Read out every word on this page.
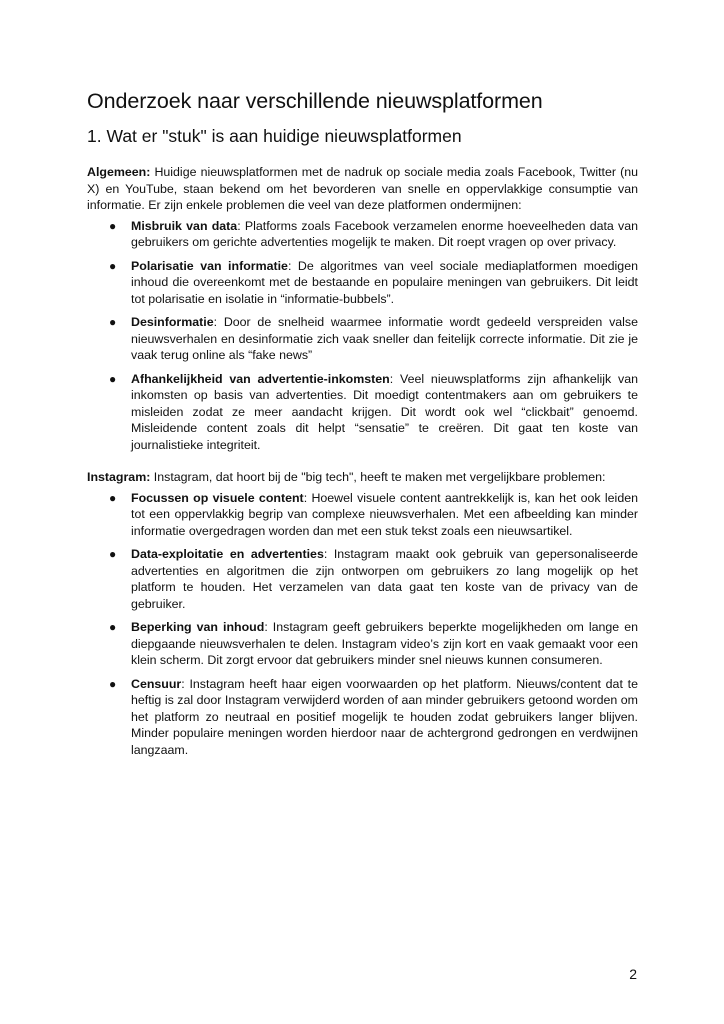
Onderzoek naar verschillende nieuwsplatformen
1. Wat er "stuk" is aan huidige nieuwsplatformen

Algemeen: Huidige nieuwsplatformen met de nadruk op sociale media zoals Facebook, Twitter (nu X) en YouTube, staan bekend om het bevorderen van snelle en oppervlakkige consumptie van informatie. Er zijn enkele problemen die veel van deze platformen ondermijnen:

● Misbruik van data: Platforms zoals Facebook verzamelen enorme hoeveelheden data van gebruikers om gerichte advertenties mogelijk te maken. Dit roept vragen op over privacy.
● Polarisatie van informatie: De algoritmes van veel sociale mediaplatformen moedigen inhoud die overeenkomt met de bestaande en populaire meningen van gebruikers. Dit leidt tot polarisatie en isolatie in “informatie-bubbels”.
● Desinformatie: Door de snelheid waarmee informatie wordt gedeeld verspreiden valse nieuwsverhalen en desinformatie zich vaak sneller dan feitelijk correcte informatie. Dit zie je vaak terug online als “fake news”
● Afhankelijkheid van advertentie-inkomsten: Veel nieuwsplatforms zijn afhankelijk van inkomsten op basis van advertenties. Dit moedigt contentmakers aan om gebruikers te misleiden zodat ze meer aandacht krijgen. Dit wordt ook wel “clickbait” genoemd. Misleidende content zoals dit helpt “sensatie” te creëren. Dit gaat ten koste van journalistieke integriteit.

Instagram: Instagram, dat hoort bij de "big tech", heeft te maken met vergelijkbare problemen:

● Focussen op visuele content: Hoewel visuele content aantrekkelijk is, kan het ook leiden tot een oppervlakkig begrip van complexe nieuwsverhalen. Met een afbeelding kan minder informatie overgedragen worden dan met een stuk tekst zoals een nieuwsartikel.
● Data-exploitatie en advertenties: Instagram maakt ook gebruik van gepersonaliseerde advertenties en algoritmen die zijn ontworpen om gebruikers zo lang mogelijk op het platform te houden. Het verzamelen van data gaat ten koste van de privacy van de gebruiker.
● Beperking van inhoud: Instagram geeft gebruikers beperkte mogelijkheden om lange en diepgaande nieuwsverhalen te delen. Instagram video’s zijn kort en vaak gemaakt voor een klein scherm. Dit zorgt ervoor dat gebruikers minder snel nieuws kunnen consumeren.
● Censuur: Instagram heeft haar eigen voorwaarden op het platform. Nieuws/content dat te heftig is zal door Instagram verwijderd worden of aan minder gebruikers getoond worden om het platform zo neutraal en positief mogelijk te houden zodat gebruikers langer blijven. Minder populaire meningen worden hierdoor naar de achtergrond gedrongen en verdwijnen langzaam.
2
